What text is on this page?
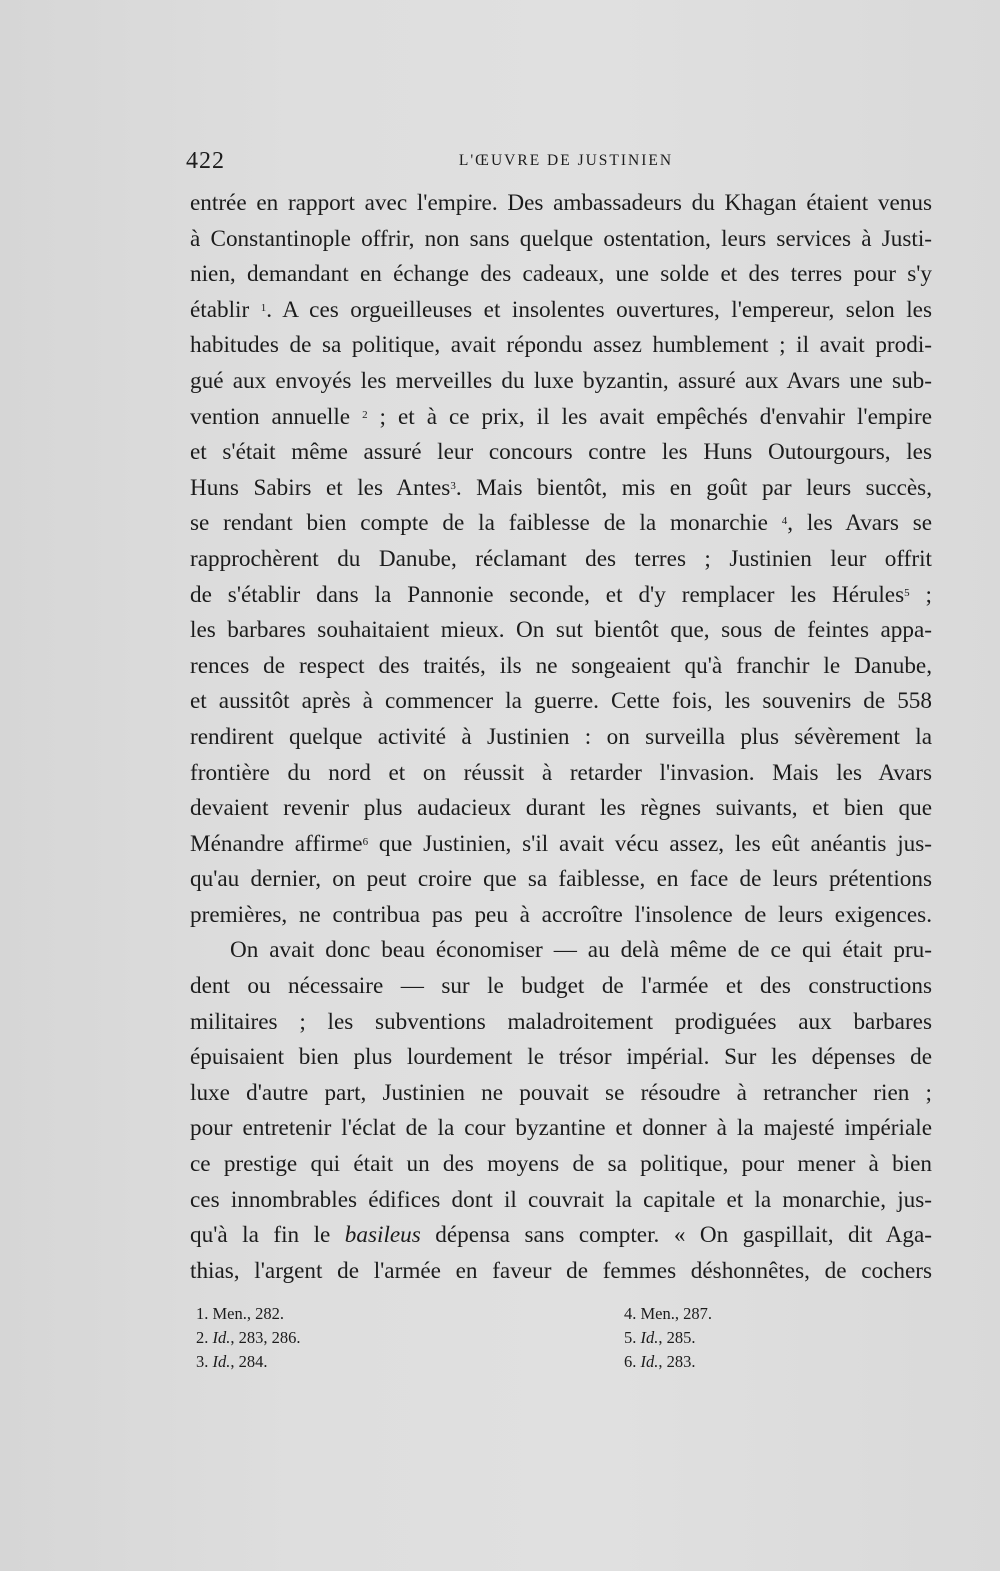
422	L'ŒUVRE DE JUSTINIEN
entrée en rapport avec l'empire. Des ambassadeurs du Khagan étaient venus
à Constantinople offrir, non sans quelque ostentation, leurs services à Justi-
nien, demandant en échange des cadeaux, une solde et des terres pour s'y
établir $^1$. A ces orgueilleuses et insolentes ouvertures, l'empereur, selon les
habitudes de sa politique, avait répondu assez humblement ; il avait prodi-
gué aux envoyés les merveilles du luxe byzantin, assuré aux Avars une sub-
vention annuelle $^2$ ; et à ce prix, il les avait empêchés d'envahir l'empire
et s'était même assuré leur concours contre les Huns Outourgours, les
Huns Sabirs et les Antes$^3$. Mais bientôt, mis en goût par leurs succès,
se rendant bien compte de la faiblesse de la monarchie $^4$, les Avars se
rapprochèrent du Danube, réclamant des terres ; Justinien leur offrit
de s'établir dans la Pannonie seconde, et d'y remplacer les Hérules$^5$ ;
les barbares souhaitaient mieux. On sut bientôt que, sous de feintes appa-
rences de respect des traités, ils ne songeaient qu'à franchir le Danube,
et aussitôt après à commencer la guerre. Cette fois, les souvenirs de 558
rendirent quelque activité à Justinien : on surveilla plus sévèrement la
frontière du nord et on réussit à retarder l'invasion. Mais les Avars
devaient revenir plus audacieux durant les règnes suivants, et bien que
Ménandre affirme$^6$ que Justinien, s'il avait vécu assez, les eût anéantis jus-
qu'au dernier, on peut croire que sa faiblesse, en face de leurs prétentions
premières, ne contribua pas peu à accroître l'insolence de leurs exigences.
On avait donc beau économiser — au delà même de ce qui était pru-
dent ou nécessaire — sur le budget de l'armée et des constructions
militaires ; les subventions maladroitement prodiguées aux barbares
épuisaient bien plus lourdement le trésor impérial. Sur les dépenses de
luxe d'autre part, Justinien ne pouvait se résoudre à retrancher rien ;
pour entretenir l'éclat de la cour byzantine et donner à la majesté impériale
ce prestige qui était un des moyens de sa politique, pour mener à bien
ces innombrables édifices dont il couvrait la capitale et la monarchie, jus-
qu'à la fin le basileus dépensa sans compter. « On gaspillait, dit Aga-
thias, l'argent de l'armée en faveur de femmes déshonnêtes, de cochers
1. Men., 282.
2. Id., 283, 286.
3. Id., 284.
4. Men., 287.
5. Id., 285.
6. Id., 283.
